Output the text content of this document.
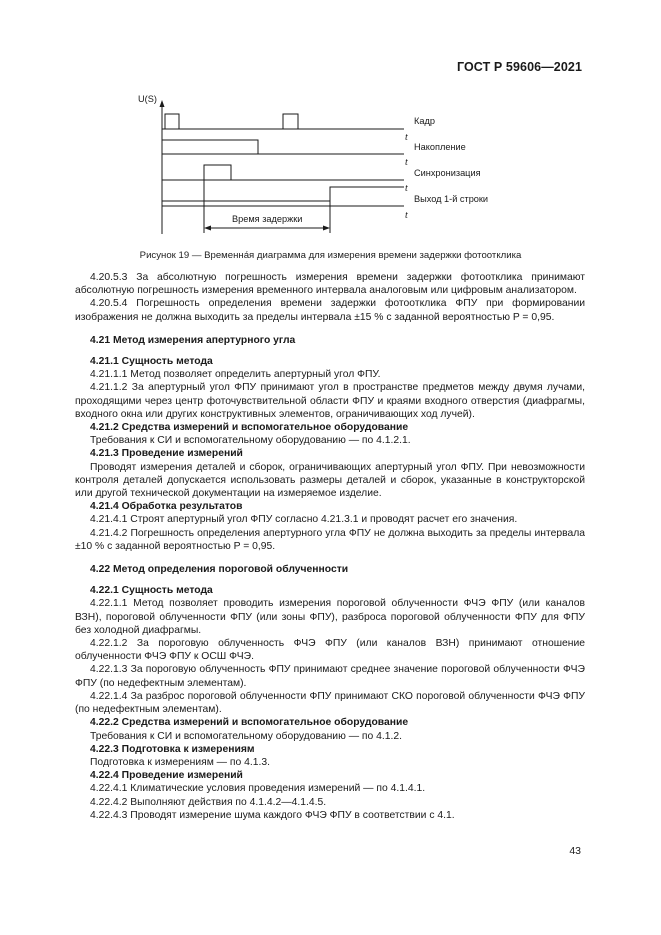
ГОСТ Р 59606—2021
U(S)
Кадр
Накопление
Синхронизация
Выход 1-й строки
t
t
t
t
Время задержки
Рисунок 19 — Временна́я диаграмма для измерения времени задержки фотоотклика

4.20.5.3 За абсолютную погрешность измерения времени задержки фотоотклика принимают абсолютную погрешность измерения временного интервала аналоговым или цифровым анализатором.

4.20.5.4 Погрешность определения времени задержки фотоотклика ФПУ при формировании изображения не должна выходить за пределы интервала ±15 % с заданной вероятностью P = 0,95.

4.21 Метод измерения апертурного угла

4.21.1 Сущность метода

4.21.1.1 Метод позволяет определить апертурный угол ФПУ.

4.21.1.2 За апертурный угол ФПУ принимают угол в пространстве предметов между двумя лучами, проходящими через центр фоточувствительной области ФПУ и краями входного отверстия (диафрагмы, входного окна или других конструктивных элементов, ограничивающих ход лучей).

4.21.2 Средства измерений и вспомогательное оборудование

Требования к СИ и вспомогательному оборудованию — по 4.1.2.1.

4.21.3 Проведение измерений

Проводят измерения деталей и сборок, ограничивающих апертурный угол ФПУ. При невозможности контроля деталей допускается использовать размеры деталей и сборок, указанные в конструкторской или другой технической документации на измеряемое изделие.

4.21.4 Обработка результатов

4.21.4.1 Строят апертурный угол ФПУ согласно 4.21.3.1 и проводят расчет его значения.

4.21.4.2 Погрешность определения апертурного угла ФПУ не должна выходить за пределы интервала ±10 % с заданной вероятностью P = 0,95.

4.22 Метод определения пороговой облученности

4.22.1 Сущность метода

4.22.1.1 Метод позволяет проводить измерения пороговой облученности ФЧЭ ФПУ (или каналов ВЗН), пороговой облученности ФПУ (или зоны ФПУ), разброса пороговой облученности ФПУ для ФПУ без холодной диафрагмы.

4.22.1.2 За пороговую облученность ФЧЭ ФПУ (или каналов ВЗН) принимают отношение облученности ФЧЭ ФПУ к ОСШ ФЧЭ.

4.22.1.3 За пороговую облученность ФПУ принимают среднее значение пороговой облученности ФЧЭ ФПУ (по недефектным элементам).

4.22.1.4 За разброс пороговой облученности ФПУ принимают СКО пороговой облученности ФЧЭ ФПУ (по недефектным элементам).

4.22.2 Средства измерений и вспомогательное оборудование

Требования к СИ и вспомогательному оборудованию — по 4.1.2.

4.22.3 Подготовка к измерениям

Подготовка к измерениям — по 4.1.3.

4.22.4 Проведение измерений

4.22.4.1 Климатические условия проведения измерений — по 4.1.4.1.

4.22.4.2 Выполняют действия по 4.1.4.2—4.1.4.5.

4.22.4.3 Проводят измерение шума каждого ФЧЭ ФПУ в соответствии с 4.1.

43
